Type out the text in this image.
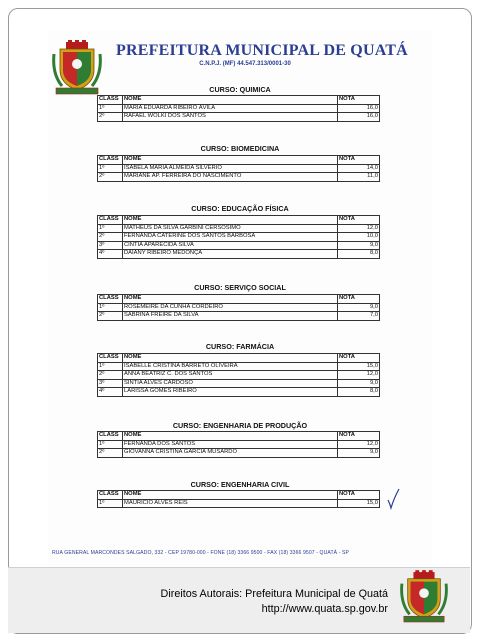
PREFEITURA MUNICIPAL DE QUATÁ
C.N.P.J. (MF) 44.547.313/0001-30
CURSO: QUIMICA
CLASS	NOME	NOTA
1º	MARIA EDUARDA RIBEIRO ÁVILA	16,0
2º	RAFAEL WOLKI DOS SANTOS	16,0
CURSO: BIOMEDICINA
CLASS	NOME	NOTA
1º	ISABELA MARIA ALMEIDA SILVÉRIO	14,0
2º	MARIANE AP. FERREIRA DO NASCIMENTO	11,0
CURSO: EDUCAÇÃO FÍSICA
CLASS	NOME	NOTA
1º	MATHEUS DA SILVA GARBINI CERSOSIMO	12,0
2º	FERNANDA CATERINE DOS SANTOS BARBOSA	10,0
3º	CINTIA APARECIDA SILVA	9,0
4º	DAIANY RIBEIRO MEDONÇA	8,0
CURSO: SERVIÇO SOCIAL
CLASS	NOME	NOTA
1º	ROSEMEIRE DA CUNHA CORDEIRO	9,0
2º	SABRINA FREIRE DA SILVA	7,0
CURSO: FARMÁCIA
CLASS	NOME	NOTA
1º	ISABELLE CRISTINA BARRETO OLIVEIRA	15,0
2º	ANNA BEATRIZ C. DOS SANTOS	12,0
3º	SINTIA ALVES CARDOSO	9,0
4º	LARISSA GOMES RIBEIRO	8,0
CURSO: ENGENHARIA DE PRODUÇÃO
CLASS	NOME	NOTA
1º	FERNANDA DOS SANTOS	12,0
2º	GIOVANNA CRISTINA GARCIA MUSARDO	9,0
CURSO: ENGENHARIA CIVIL
CLASS	NOME	NOTA
1º	MAURICIO ALVES REIS	15,0
RUA GENERAL MARCONDES SALGADO, 332 - CEP 19780-000 - FONE (18) 3366 9500 - FAX (18) 3366 9507 - QUATÁ - SP
Direitos Autorais: Prefeitura Municipal de Quatá
http://www.quata.sp.gov.br
